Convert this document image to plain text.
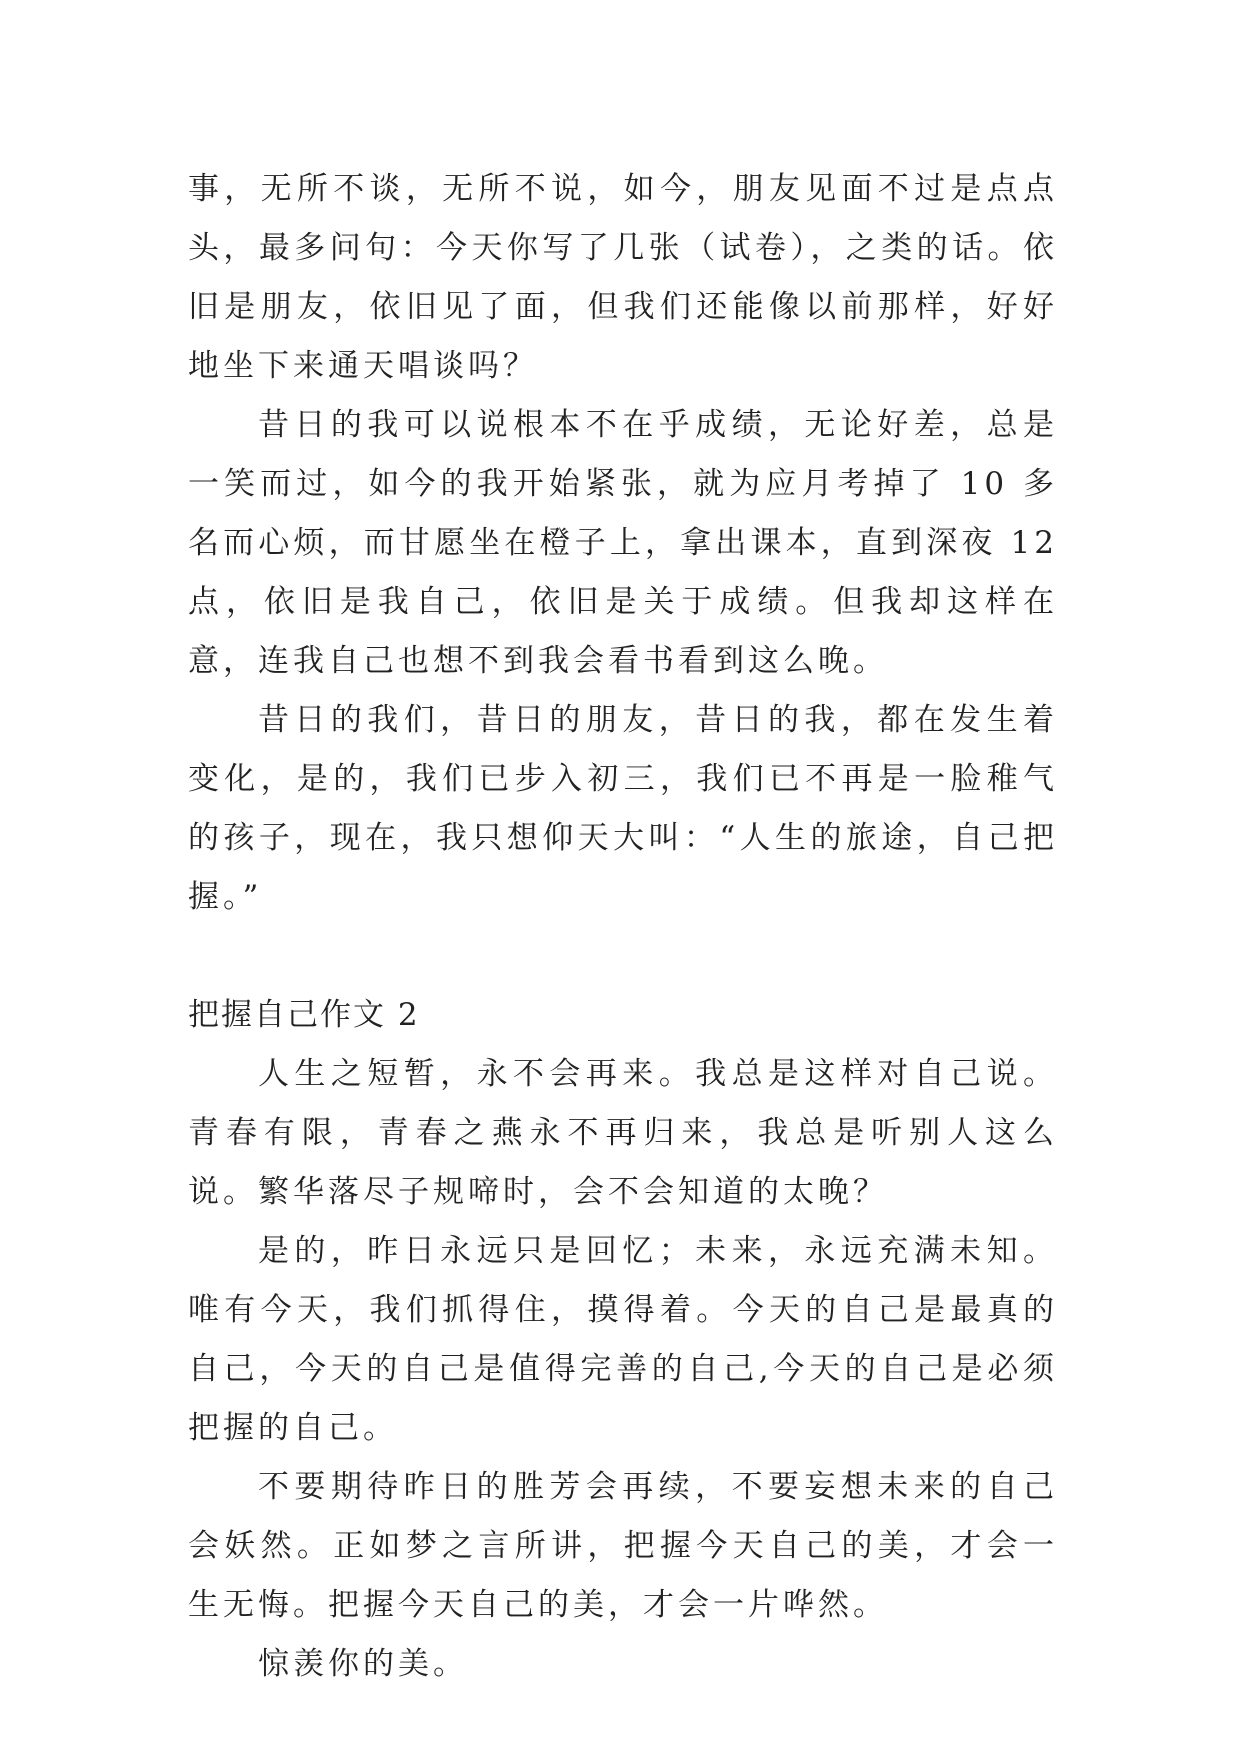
事，无所不谈，无所不说，如今，朋友见面不过是点点头，最多问句：今天你写了几张（试卷），之类的话。依旧是朋友，依旧见了面，但我们还能像以前那样，好好地坐下来通天唱谈吗？

昔日的我可以说根本不在乎成绩，无论好差，总是一笑而过，如今的我开始紧张，就为应月考掉了 10 多名而心烦，而甘愿坐在橙子上，拿出课本，直到深夜 12 点，依旧是我自己，依旧是关于成绩。但我却这样在意，连我自己也想不到我会看书看到这么晚。

昔日的我们，昔日的朋友，昔日的我，都在发生着变化，是的，我们已步入初三，我们已不再是一脸稚气的孩子，现在，我只想仰天大叫：“人生的旅途，自己把握。”

把握自己作文 2

人生之短暂，永不会再来。我总是这样对自己说。青春有限，青春之燕永不再归来，我总是听别人这么说。繁华落尽子规啼时，会不会知道的太晚？

是的，昨日永远只是回忆；未来，永远充满未知。唯有今天，我们抓得住，摸得着。今天的自己是最真的自己，今天的自己是值得完善的自己,今天的自己是必须把握的自己。

不要期待昨日的胜芳会再续，不要妄想未来的自己会妖然。正如梦之言所讲，把握今天自己的美，才会一生无悔。把握今天自己的美，才会一片哗然。

惊羡你的美。
